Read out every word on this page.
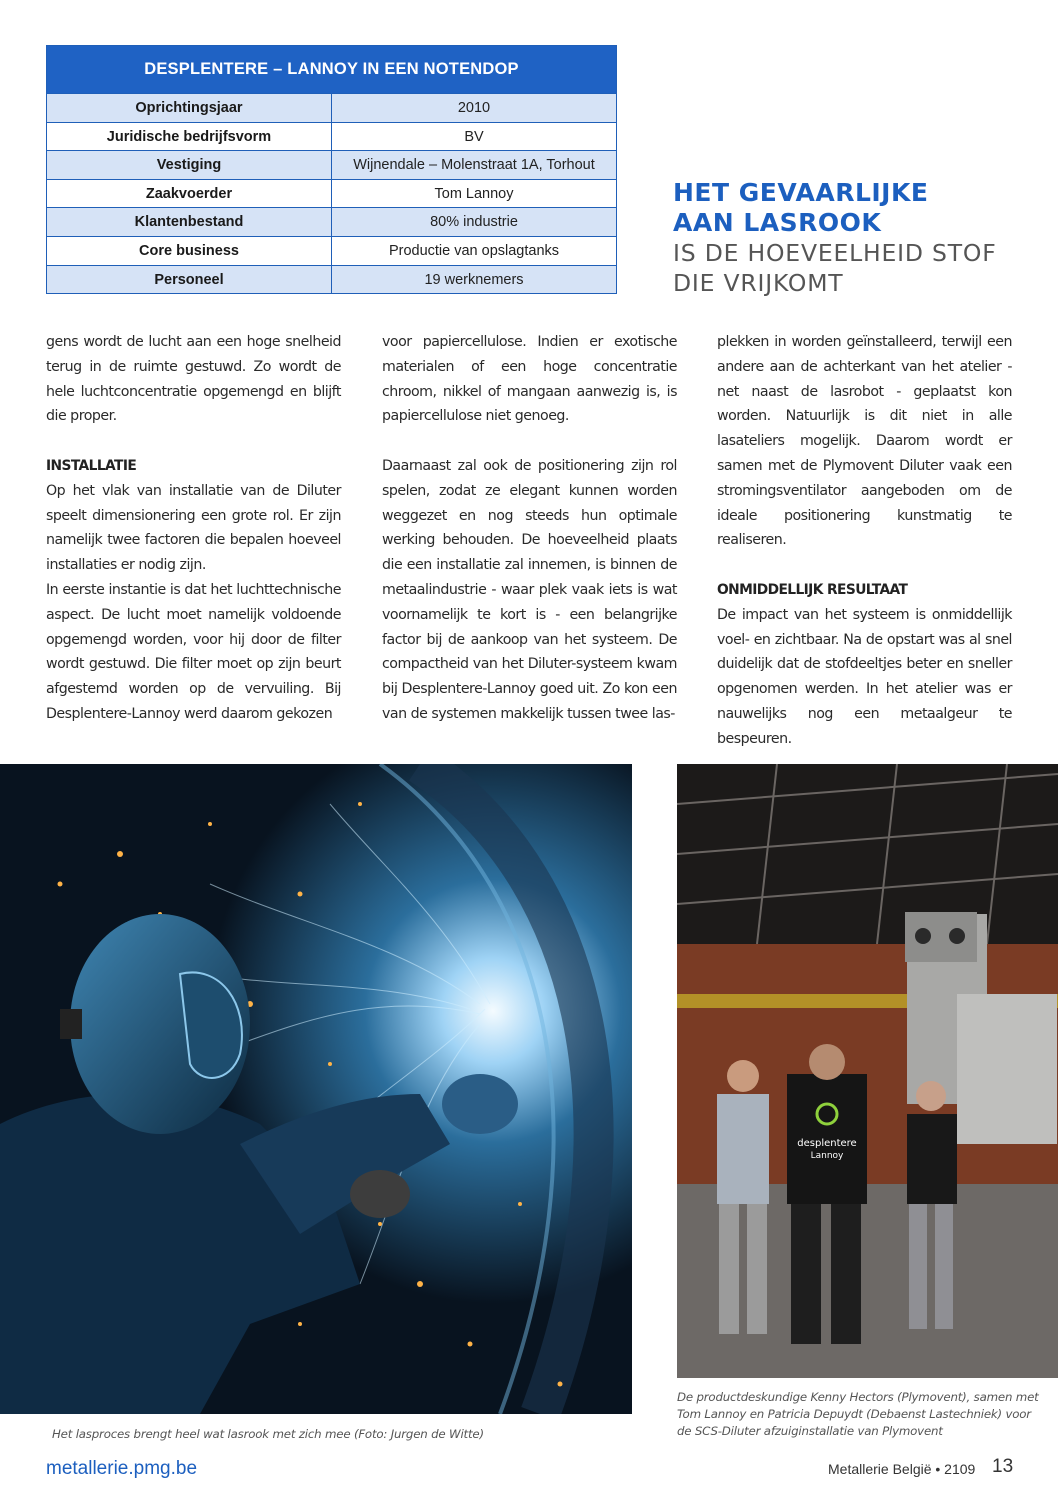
DESPLENTERE – LANNOY IN EEN NOTENDOP
Oprichtingsjaar	2010
Juridische bedrijfsvorm	BV
Vestiging	Wijnendale – Molenstraat 1A, Torhout
Zaakvoerder	Tom Lannoy
Klantenbestand	80% industrie
Core business	Productie van opslagtanks
Personeel	19 werknemers
HET GEVAARLIJKE
AAN LASROOK
IS DE HOEVEELHEID STOF
DIE VRIJKOMT

gens wordt de lucht aan een hoge snelheid terug in de ruimte gestuwd. Zo wordt de hele luchtconcentratie opgemengd en blijft die proper.

INSTALLATIE

Op het vlak van installatie van de Diluter speelt dimensionering een grote rol. Er zijn namelijk twee factoren die bepalen hoeveel installaties er nodig zijn.

In eerste instantie is dat het luchttechnische aspect. De lucht moet namelijk voldoende opgemengd worden, voor hij door de filter wordt gestuwd. Die filter moet op zijn beurt afgestemd worden op de vervuiling. Bij Desplentere-Lannoy werd daarom gekozen

voor papiercellulose. Indien er exotische materialen of een hoge concentratie chroom, nikkel of mangaan aanwezig is, is papiercellulose niet genoeg.

Daarnaast zal ook de positionering zijn rol spelen, zodat ze elegant kunnen worden weggezet en nog steeds hun optimale werking behouden. De hoeveelheid plaats die een installatie zal innemen, is binnen de metaalindustrie - waar plek vaak iets is wat voornamelijk te kort is - een belangrijke factor bij de aankoop van het systeem. De compactheid van het Diluter-systeem kwam bij Desplentere-Lannoy goed uit. Zo kon een van de systemen makkelijk tussen twee las-

plekken in worden geïnstalleerd, terwijl een andere aan de achterkant van het atelier - net naast de lasrobot - geplaatst kon worden. Natuurlijk is dit niet in alle lasateliers mogelijk. Daarom wordt er samen met de Plymovent Diluter vaak een stromingsventilator aangeboden om de ideale positionering kunstmatig te realiseren.

ONMIDDELLIJK RESULTAAT

De impact van het systeem is onmiddellijk voel- en zichtbaar. Na de opstart was al snel duidelijk dat de stofdeeltjes beter en sneller opgenomen werden. In het atelier was er nauwelijks nog een metaalgeur te bespeuren.

Het lasproces brengt heel wat lasrook met zich mee (Foto: Jurgen de Witte)
desplentere
Lannoy
De productdeskundige Kenny Hectors (Plymovent), samen met Tom Lannoy en Patricia Depuydt (Debaenst Lastechniek) voor de SCS-Diluter afzuiginstallatie van Plymovent
metallerie.pmg.be	Metallerie België • 2109 13
